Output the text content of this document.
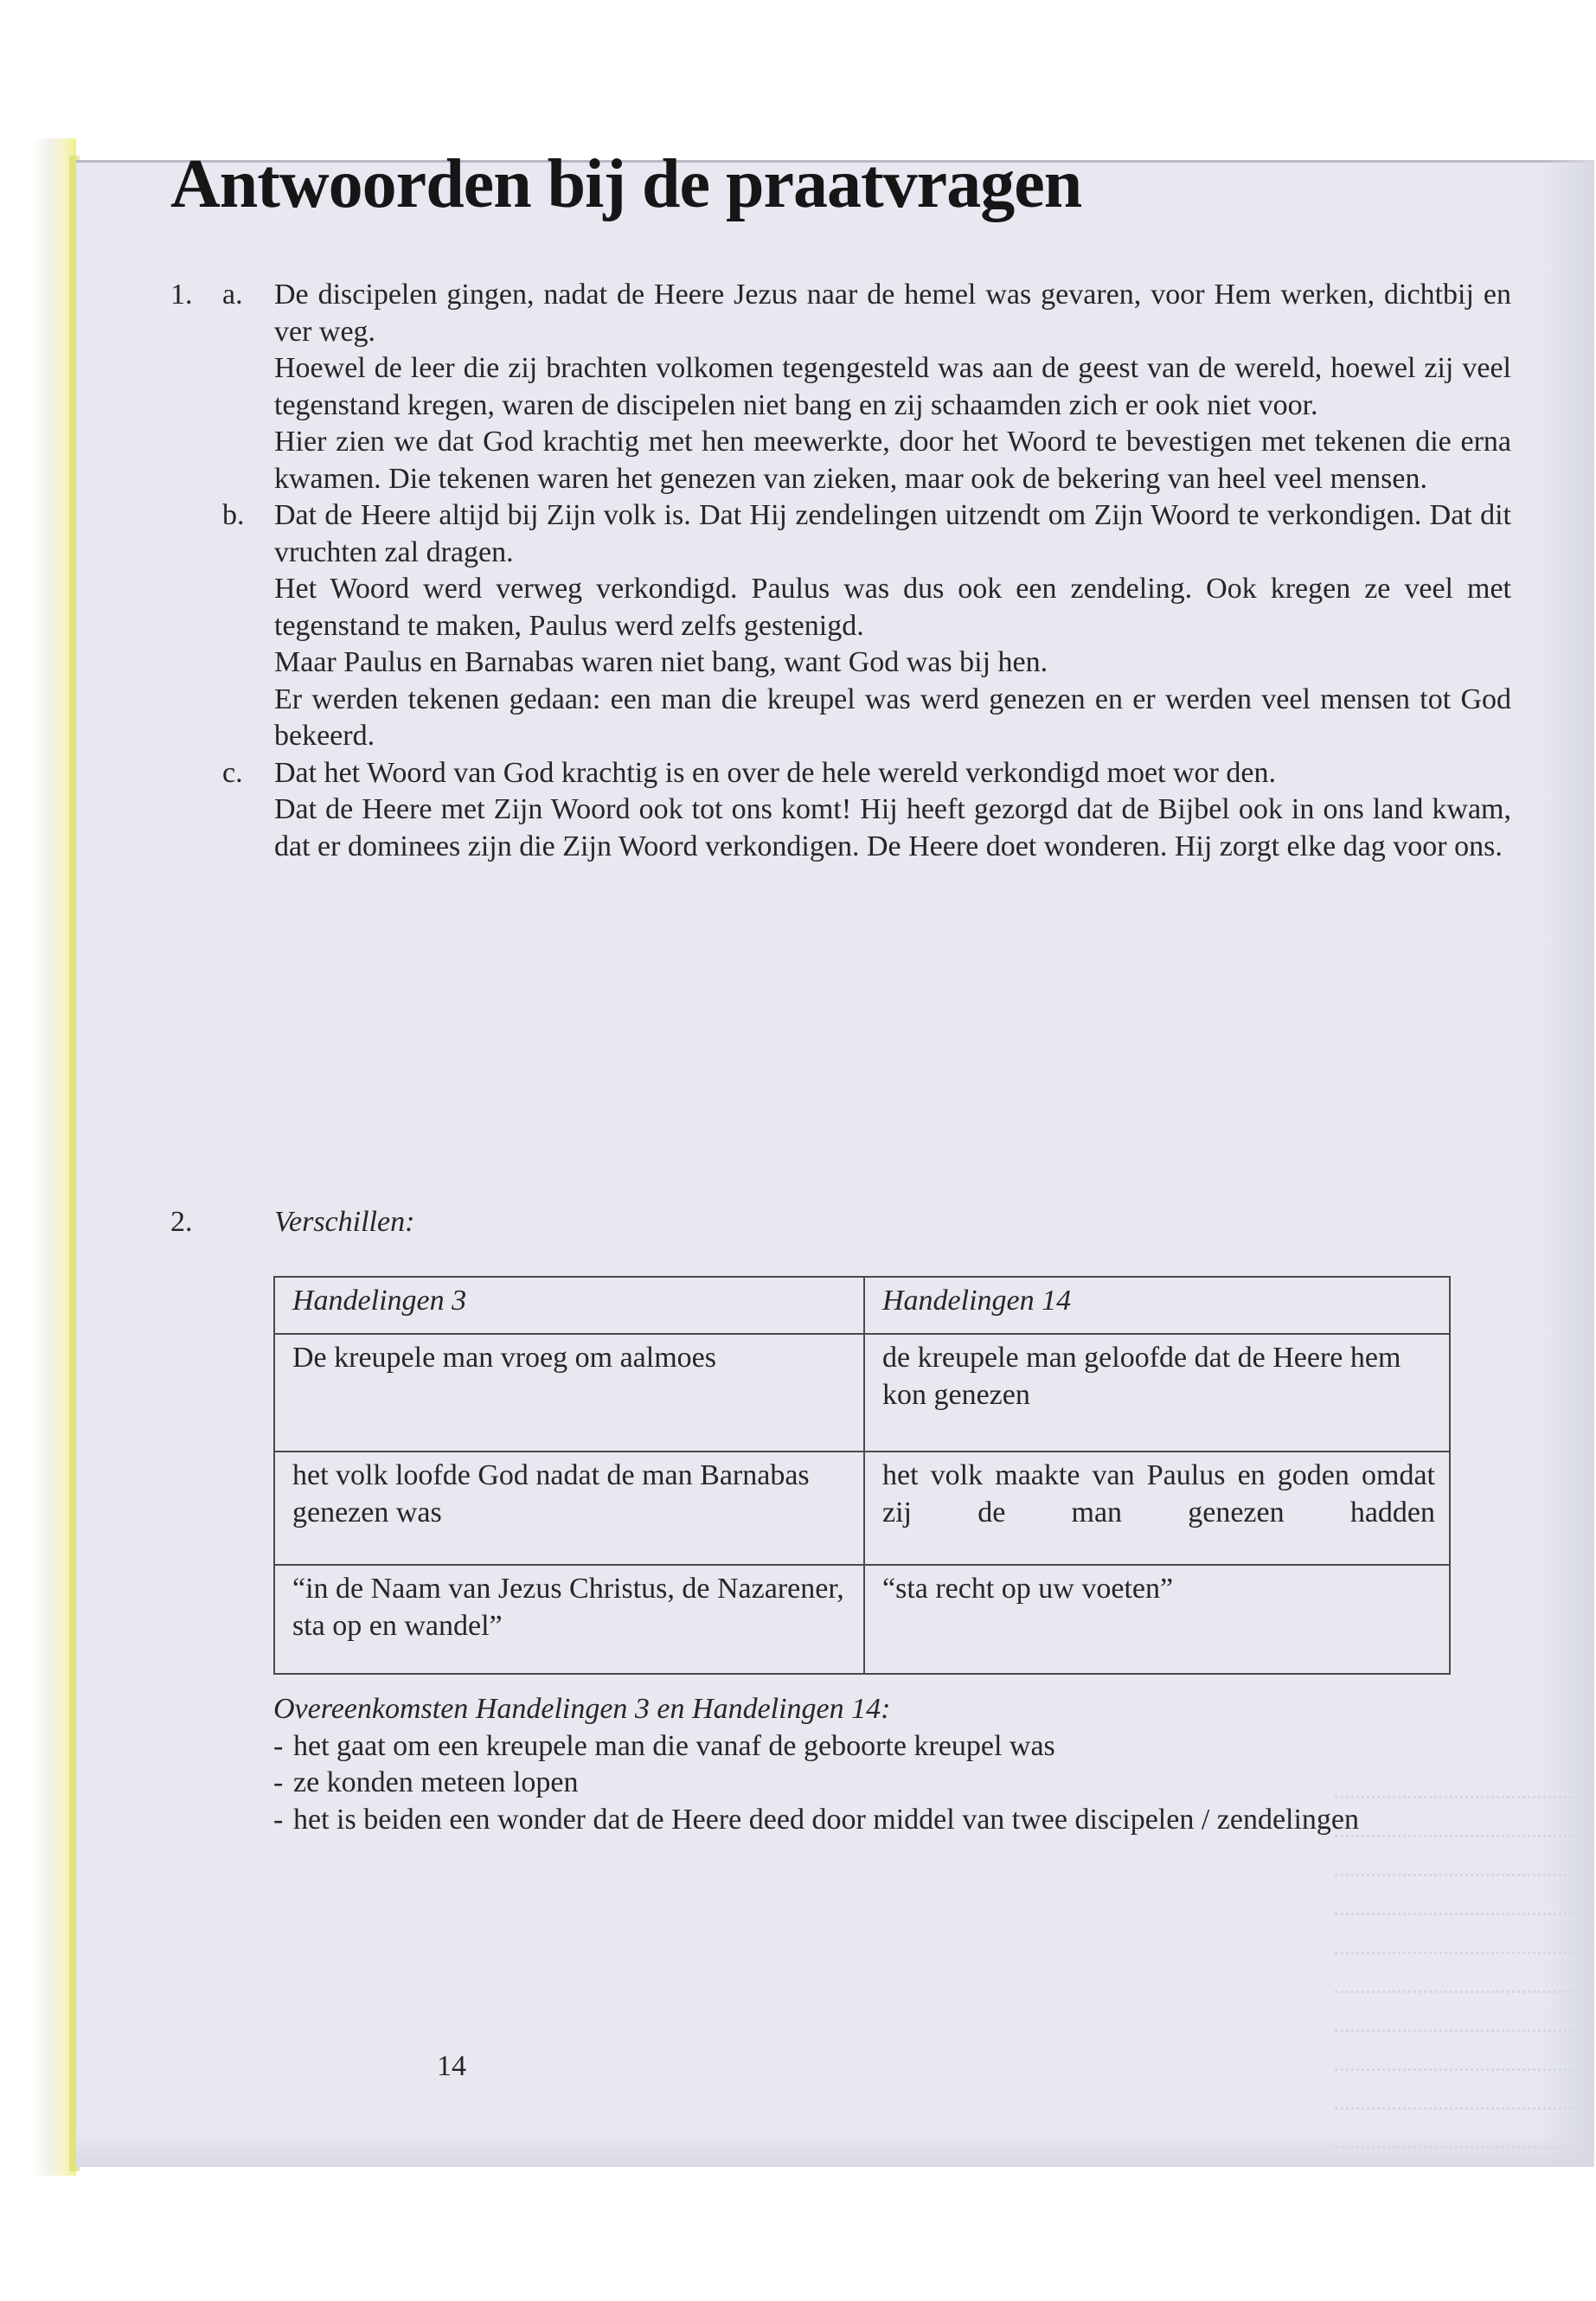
Antwoorden bij de praatvragen
1. a. De discipelen gingen, nadat de Heere Jezus naar de hemel was gevaren, voor Hem werken, dichtbij en ver weg.

Hoewel de leer die zij brachten volkomen tegengesteld was aan de geest van de wereld, hoewel zij veel tegenstand kregen, waren de discipelen niet bang en zij schaamden zich er ook niet voor.

Hier zien we dat God krachtig met hen meewerkte, door het Woord te bevestigen met tekenen die erna kwamen. Die tekenen waren het genezen van zieken, maar ook de bekering van heel veel mensen.

b. Dat de Heere altijd bij Zijn volk is. Dat Hij zendelingen uitzendt om Zijn Woord te verkondigen. Dat dit vruchten zal dragen.

Het Woord werd verweg verkondigd. Paulus was dus ook een zendeling. Ook kregen ze veel met tegenstand te maken, Paulus werd zelfs gestenigd.

Maar Paulus en Barnabas waren niet bang, want God was bij hen.

Er werden tekenen gedaan: een man die kreupel was werd genezen en er werden veel mensen tot God bekeerd.

c. Dat het Woord van God krachtig is en over de hele wereld verkondigd moet wor den.

Dat de Heere met Zijn Woord ook tot ons komt! Hij heeft gezorgd dat de Bijbel ook in ons land kwam, dat er dominees zijn die Zijn Woord verkondigen. De Heere doet wonderen. Hij zorgt elke dag voor ons.

2.	Verschillen:
Handelingen 3	Handelingen 14
De kreupele man vroeg om aalmoes	de kreupele man geloofde dat de Heere hem kon genezen
het volk loofde God nadat de man Barnabas genezen was	het volk maakte van Paulus en goden omdat zij de man genezen hadden
“in de Naam van Jezus Christus, de Nazarener, sta op en wandel”	“sta recht op uw voeten”
Overeenkomsten Handelingen 3 en Handelingen 14:
- het gaat om een kreupele man die vanaf de geboorte kreupel was
- ze konden meteen lopen
- het is beiden een wonder dat de Heere deed door middel van twee discipelen / zendelingen
14
